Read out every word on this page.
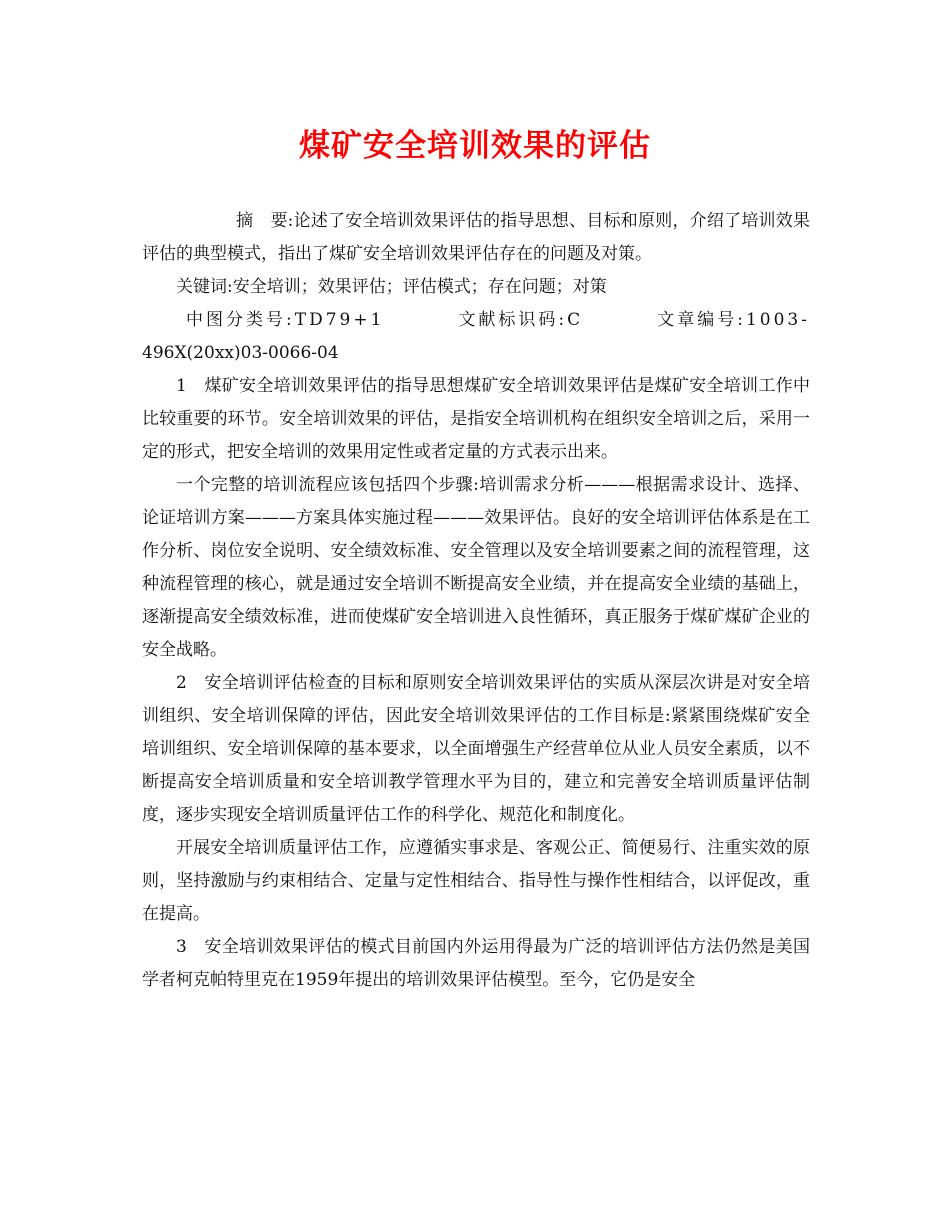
煤矿安全培训效果的评估

摘　要:论述了安全培训效果评估的指导思想、目标和原则，介绍了培训效果评估的典型模式，指出了煤矿安全培训效果评估存在的问题及对策。

关键词:安全培训；效果评估；评估模式；存在问题；对策

中图分类号:TD79+1	文献标识码:C	文章编号:1003-

496X(20xx)03-0066-04

1　煤矿安全培训效果评估的指导思想煤矿安全培训效果评估是煤矿安全培训工作中比较重要的环节。安全培训效果的评估，是指安全培训机构在组织安全培训之后，采用一定的形式，把安全培训的效果用定性或者定量的方式表示出来。

一个完整的培训流程应该包括四个步骤:培训需求分析———根据需求设计、选择、论证培训方案———方案具体实施过程———效果评估。良好的安全培训评估体系是在工作分析、岗位安全说明、安全绩效标准、安全管理以及安全培训要素之间的流程管理，这种流程管理的核心，就是通过安全培训不断提高安全业绩，并在提高安全业绩的基础上，逐渐提高安全绩效标准，进而使煤矿安全培训进入良性循环，真正服务于煤矿煤矿企业的安全战略。

2　安全培训评估检查的目标和原则安全培训效果评估的实质从深层次讲是对安全培训组织、安全培训保障的评估，因此安全培训效果评估的工作目标是:紧紧围绕煤矿安全培训组织、安全培训保障的基本要求，以全面增强生产经营单位从业人员安全素质，以不断提高安全培训质量和安全培训教学管理水平为目的，建立和完善安全培训质量评估制度，逐步实现安全培训质量评估工作的科学化、规范化和制度化。

开展安全培训质量评估工作，应遵循实事求是、客观公正、简便易行、注重实效的原则，坚持激励与约束相结合、定量与定性相结合、指导性与操作性相结合，以评促改，重在提高。

3　安全培训效果评估的模式目前国内外运用得最为广泛的培训评估方法仍然是美国学者柯克帕特里克在1959年提出的培训效果评估模型。至今，它仍是安全
